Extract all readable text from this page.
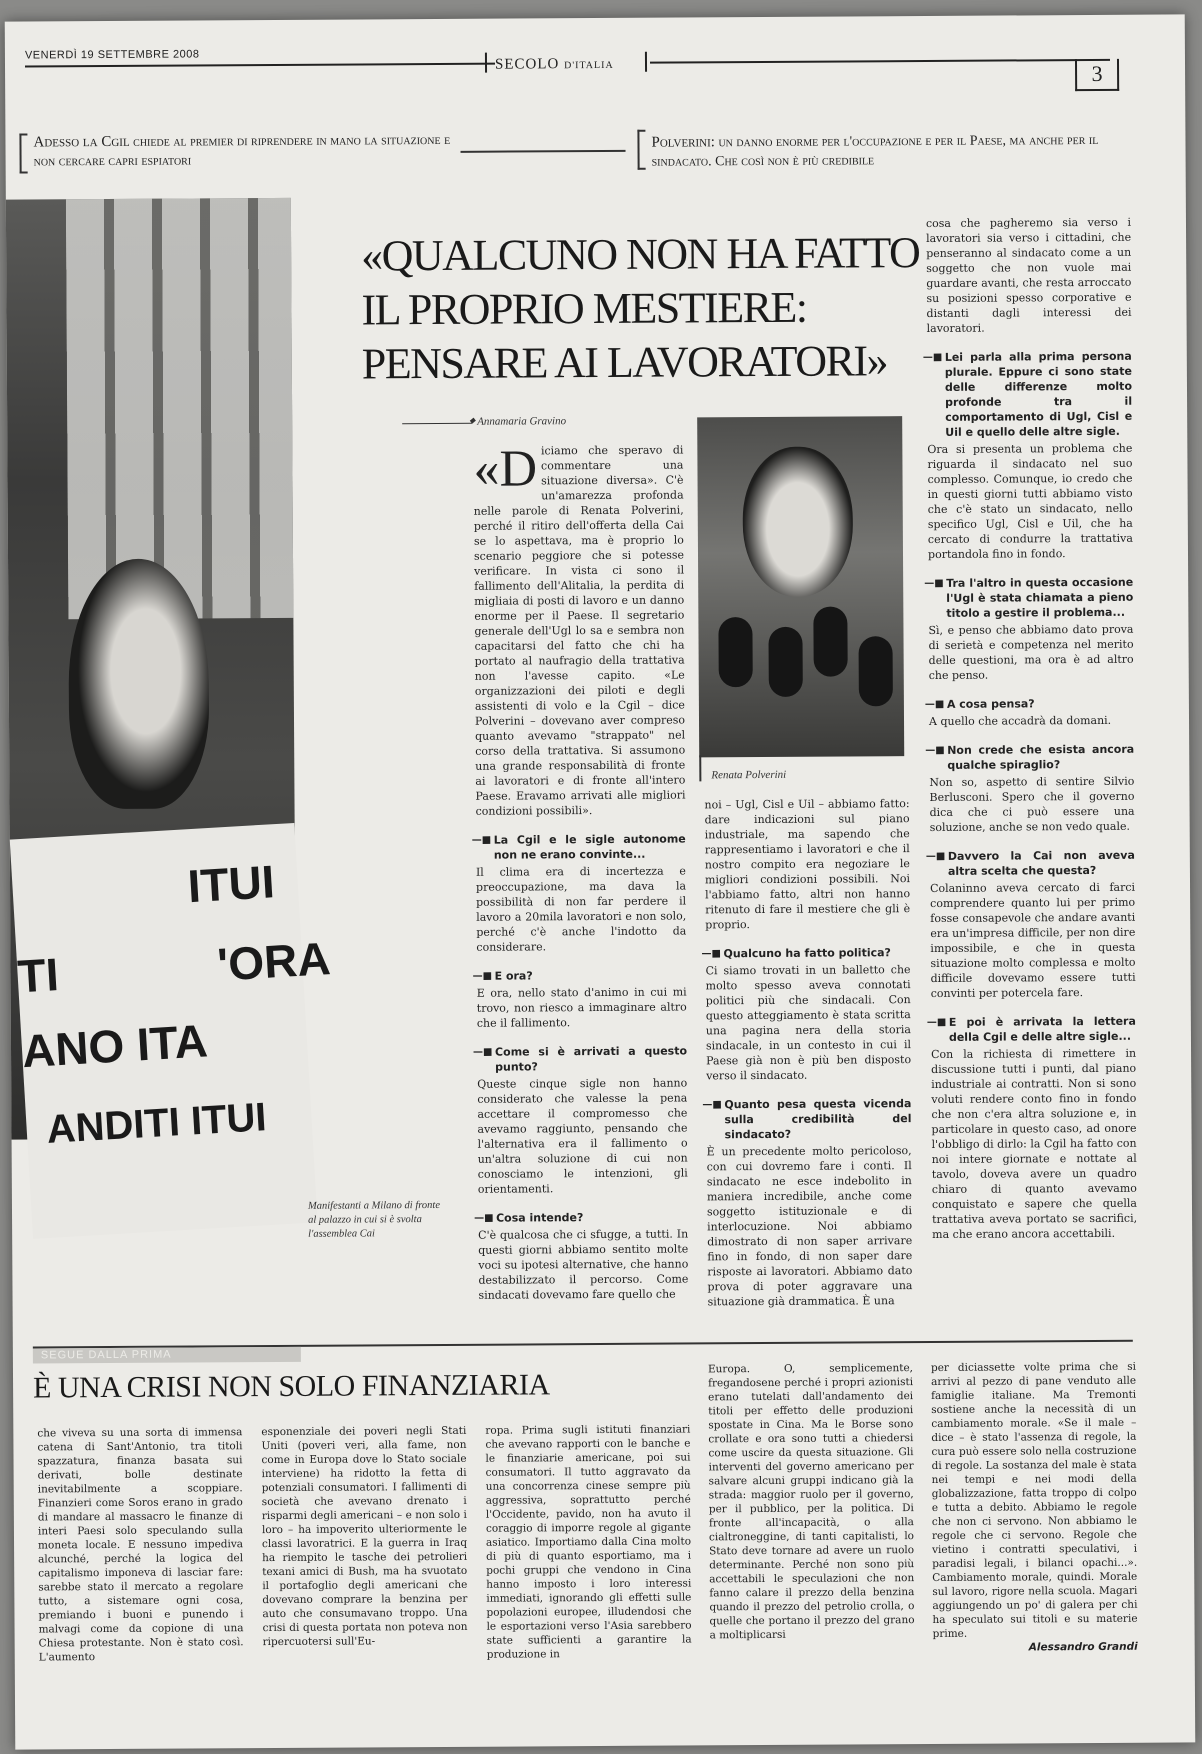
VENERDÌ 19 SETTEMBRE 2008
SECOLO D'ITALIA	3
Adesso la Cgil chiede al premier di riprendere in mano la situazione e non cercare capri espiatori
Polverini: un danno enorme per l'occupazione e per il Paese, ma anche per il sindacato. Che così non è più credibile
ITUI
'ORA
ANO ITA
ANDITI ITUI
TI
Manifestanti a Milano di fronte al palazzo in cui si è svolta l'assemblea Cai
«QUALCUNO NON HA FATTO IL PROPRIO MESTIERE: PENSARE AI LAVORATORI»
Annamaria Gravino ◆
Renata Polverini

«Diciamo che speravo di commentare una situazione diversa». C'è un'amarezza profonda nelle parole di Renata Polverini, perché il ritiro dell'offerta della Cai se lo aspettava, ma è proprio lo scenario peggiore che si potesse verificare. In vista ci sono il fallimento dell'Alitalia, la perdita di migliaia di posti di lavoro e un danno enorme per il Paese. Il segretario generale dell'Ugl lo sa e sembra non capacitarsi del fatto che chi ha portato al naufragio della trattativa non l'avesse capito. «Le organizzazioni dei piloti e degli assistenti di volo e la Cgil – dice Polverini – dovevano aver compreso quanto avevamo "strappato" nel corso della trattativa. Si assumono una grande responsabilità di fronte ai lavoratori e di fronte all'intero Paese. Eravamo arrivati alle migliori condizioni possibili».

—■ La Cgil e le sigle autonome non ne erano convinte...

Il clima era di incertezza e preoccupazione, ma dava la possibilità di non far perdere il lavoro a 20mila lavoratori e non solo, perché c'è anche l'indotto da considerare.

—■ E ora?

E ora, nello stato d'animo in cui mi trovo, non riesco a immaginare altro che il fallimento.

—■ Come si è arrivati a questo punto?

Queste cinque sigle non hanno considerato che valesse la pena accettare il compromesso che avevamo raggiunto, pensando che l'alternativa era il fallimento o un'altra soluzione di cui non conosciamo le intenzioni, gli orientamenti.

—■ Cosa intende?

C'è qualcosa che ci sfugge, a tutti. In questi giorni abbiamo sentito molte voci su ipotesi alternative, che hanno destabilizzato il percorso. Come sindacati dovevamo fare quello che

noi – Ugl, Cisl e Uil – abbiamo fatto: dare indicazioni sul piano industriale, ma sapendo che rappresentiamo i lavoratori e che il nostro compito era negoziare le migliori condizioni possibili. Noi l'abbiamo fatto, altri non hanno ritenuto di fare il mestiere che gli è proprio.

—■ Qualcuno ha fatto politica?

Ci siamo trovati in un balletto che molto spesso aveva connotati politici più che sindacali. Con questo atteggiamento è stata scritta una pagina nera della storia sindacale, in un contesto in cui il Paese già non è più ben disposto verso il sindacato.

—■ Quanto pesa questa vicenda sulla credibilità del sindacato?

È un precedente molto pericoloso, con cui dovremo fare i conti. Il sindacato ne esce indebolito in maniera incredibile, anche come soggetto istituzionale e di interlocuzione. Noi abbiamo dimostrato di non saper arrivare fino in fondo, di non saper dare risposte ai lavoratori. Abbiamo dato prova di poter aggravare una situazione già drammatica. È una

cosa che pagheremo sia verso i lavoratori sia verso i cittadini, che penseranno al sindacato come a un soggetto che non vuole mai guardare avanti, che resta arroccato su posizioni spesso corporative e distanti dagli interessi dei lavoratori.

—■ Lei parla alla prima persona plurale. Eppure ci sono state delle differenze molto profonde tra il comportamento di Ugl, Cisl e Uil e quello delle altre sigle.

Ora si presenta un problema che riguarda il sindacato nel suo complesso. Comunque, io credo che in questi giorni tutti abbiamo visto che c'è stato un sindacato, nello specifico Ugl, Cisl e Uil, che ha cercato di condurre la trattativa portandola fino in fondo.

—■ Tra l'altro in questa occasione l'Ugl è stata chiamata a pieno titolo a gestire il problema...

Sì, e penso che abbiamo dato prova di serietà e competenza nel merito delle questioni, ma ora è ad altro che penso.

—■ A cosa pensa?

A quello che accadrà da domani.

—■ Non crede che esista ancora qualche spiraglio?

Non so, aspetto di sentire Silvio Berlusconi. Spero che il governo dica che ci può essere una soluzione, anche se non vedo quale.

—■ Davvero la Cai non aveva altra scelta che questa?

Colaninno aveva cercato di farci comprendere quanto lui per primo fosse consapevole che andare avanti era un'impresa difficile, per non dire impossibile, e che in questa situazione molto complessa e molto difficile dovevamo essere tutti convinti per potercela fare.

—■ E poi è arrivata la lettera della Cgil e delle altre sigle...

Con la richiesta di rimettere in discussione tutti i punti, dal piano industriale ai contratti. Non si sono voluti rendere conto fino in fondo che non c'era altra soluzione e, in particolare in questo caso, ad onore l'obbligo di dirlo: la Cgil ha fatto con noi intere giornate e nottate al tavolo, doveva avere un quadro chiaro di quanto avevamo conquistato e sapere che quella trattativa aveva portato se sacrifici, ma che erano ancora accettabili.

SEGUE DALLA PRIMA
È UNA CRISI NON SOLO FINANZIARIA
che viveva su una sorta di immensa catena di Sant'Antonio, tra titoli spazzatura, finanza basata sui derivati, bolle destinate inevitabilmente a scoppiare. Finanzieri come Soros erano in grado di mandare al massacro le finanze di interi Paesi solo speculando sulla moneta locale. E nessuno impediva alcunché, perché la logica del capitalismo imponeva di lasciar fare: sarebbe stato il mercato a regolare tutto, a sistemare ogni cosa, premiando i buoni e punendo i malvagi come da copione di una Chiesa protestante. Non è stato così. L'aumento
esponenziale dei poveri negli Stati Uniti (poveri veri, alla fame, non come in Europa dove lo Stato sociale interviene) ha ridotto la fetta di potenziali consumatori. I fallimenti di società che avevano drenato i risparmi degli americani – e non solo i loro – ha impoverito ulteriormente le classi lavoratrici. E la guerra in Iraq ha riempito le tasche dei petrolieri texani amici di Bush, ma ha svuotato il portafoglio degli americani che dovevano comprare la benzina per auto che consumavano troppo. Una crisi di questa portata non poteva non ripercuotersi sull'Eu-
ropa. Prima sugli istituti finanziari che avevano rapporti con le banche e le finanziarie americane, poi sui consumatori. Il tutto aggravato da una concorrenza cinese sempre più aggressiva, soprattutto perché l'Occidente, pavido, non ha avuto il coraggio di imporre regole al gigante asiatico. Importiamo dalla Cina molto di più di quanto esportiamo, ma i pochi gruppi che vendono in Cina hanno imposto i loro interessi immediati, ignorando gli effetti sulle popolazioni europee, illudendosi che le esportazioni verso l'Asia sarebbero state sufficienti a garantire la produzione in
Europa. O, semplicemente, fregandosene perché i propri azionisti erano tutelati dall'andamento dei titoli per effetto delle produzioni spostate in Cina. Ma le Borse sono crollate e ora sono tutti a chiedersi come uscire da questa situazione. Gli interventi del governo americano per salvare alcuni gruppi indicano già la strada: maggior ruolo per il governo, per il pubblico, per la politica. Di fronte all'incapacità, o alla cialtroneggine, di tanti capitalisti, lo Stato deve tornare ad avere un ruolo determinante. Perché non sono più accettabili le speculazioni che non fanno calare il prezzo della benzina quando il prezzo del petrolio crolla, o quelle che portano il prezzo del grano a moltiplicarsi
per diciassette volte prima che si arrivi al pezzo di pane venduto alle famiglie italiane. Ma Tremonti sostiene anche la necessità di un cambiamento morale. «Se il male – dice – è stato l'assenza di regole, la cura può essere solo nella costruzione di regole. La sostanza del male è stata nei tempi e nei modi della globalizzazione, fatta troppo di colpo e tutta a debito. Abbiamo le regole che non ci servono. Non abbiamo le regole che ci servono. Regole che vietino i contratti speculativi, i paradisi legali, i bilanci opachi...». Cambiamento morale, quindi. Morale sul lavoro, rigore nella scuola. Magari aggiungendo un po' di galera per chi ha speculato sui titoli e su materie prime.
Alessandro Grandi
